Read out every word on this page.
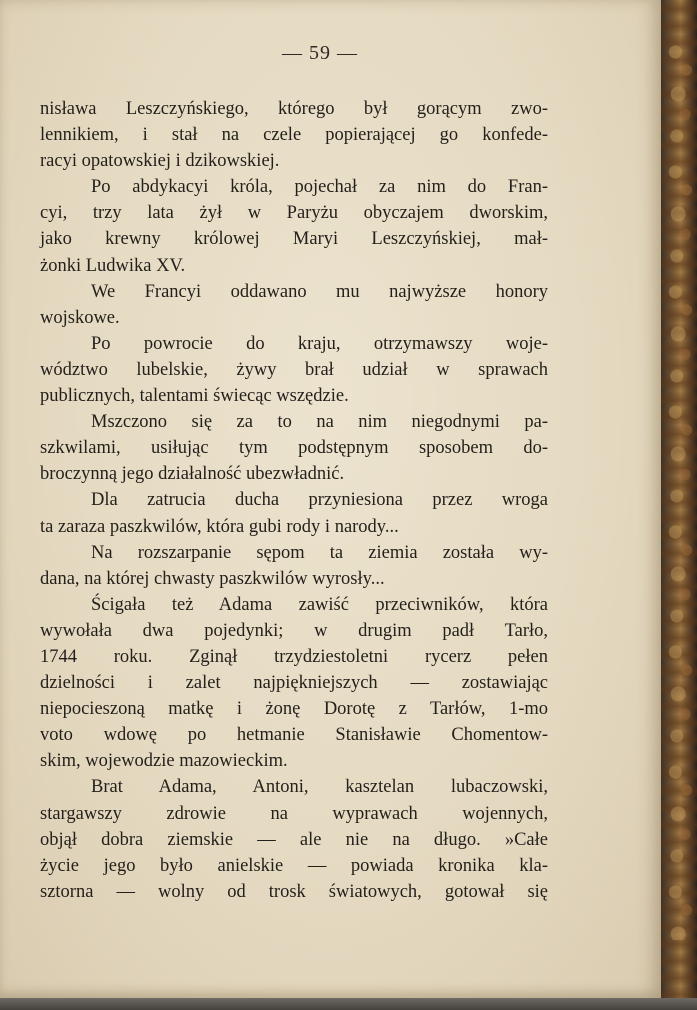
— 59 —
nisława Leszczyńskiego, którego był gorącym zwo-
lennikiem, i stał na czele popierającej go konfede-
racyi opatowskiej i dzikowskiej.
Po abdykacyi króla, pojechał za nim do Fran-
cyi, trzy lata żył w Paryżu obyczajem dworskim,
jako krewny królowej Maryi Leszczyńskiej, mał-
żonki Ludwika XV.
We Francyi oddawano mu najwyższe honory
wojskowe.
Po powrocie do kraju, otrzymawszy woje-
wództwo lubelskie, żywy brał udział w sprawach
publicznych, talentami świecąc wszędzie.
Mszczono się za to na nim niegodnymi pa-
szkwilami, usiłując tym podstępnym sposobem do-
broczynną jego działalność ubezwładnić.
Dla zatrucia ducha przyniesiona przez wroga
ta zaraza paszkwilów, która gubi rody i narody...
Na rozszarpanie sępom ta ziemia została wy-
dana, na której chwasty paszkwilów wyrosły...
Ścigała też Adama zawiść przeciwników, która
wywołała dwa pojedynki; w drugim padł Tarło,
1744 roku. Zginął trzydziestoletni rycerz pełen
dzielności i zalet najpiękniejszych — zostawiając
niepocieszoną matkę i żonę Dorotę z Tarłów, 1-mo
voto wdowę po hetmanie Stanisławie Chomentow-
skim, wojewodzie mazowieckim.
Brat Adama, Antoni, kasztelan lubaczowski,
stargawszy zdrowie na wyprawach wojennych,
objął dobra ziemskie — ale nie na długo. »Całe
życie jego było anielskie — powiada kronika kla-
sztorna — wolny od trosk światowych, gotował się
